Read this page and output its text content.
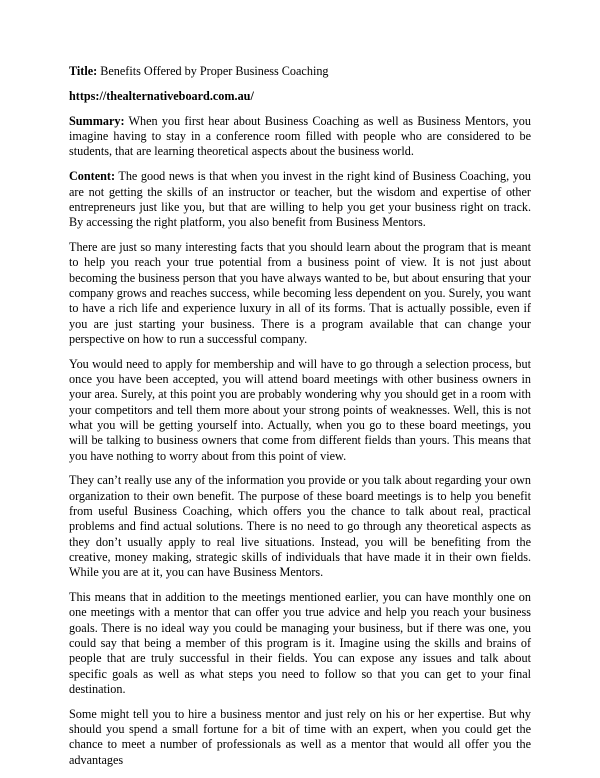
Title: Benefits Offered by Proper Business Coaching

https://thealternativeboard.com.au/

Summary: When you first hear about Business Coaching as well as Business Mentors, you imagine having to stay in a conference room filled with people who are considered to be students, that are learning theoretical aspects about the business world.

Content: The good news is that when you invest in the right kind of Business Coaching, you are not getting the skills of an instructor or teacher, but the wisdom and expertise of other entrepreneurs just like you, but that are willing to help you get your business right on track. By accessing the right platform, you also benefit from Business Mentors.

There are just so many interesting facts that you should learn about the program that is meant to help you reach your true potential from a business point of view. It is not just about becoming the business person that you have always wanted to be, but about ensuring that your company grows and reaches success, while becoming less dependent on you. Surely, you want to have a rich life and experience luxury in all of its forms. That is actually possible, even if you are just starting your business. There is a program available that can change your perspective on how to run a successful company.

You would need to apply for membership and will have to go through a selection process, but once you have been accepted, you will attend board meetings with other business owners in your area. Surely, at this point you are probably wondering why you should get in a room with your competitors and tell them more about your strong points of weaknesses. Well, this is not what you will be getting yourself into. Actually, when you go to these board meetings, you will be talking to business owners that come from different fields than yours. This means that you have nothing to worry about from this point of view.

They can’t really use any of the information you provide or you talk about regarding your own organization to their own benefit. The purpose of these board meetings is to help you benefit from useful Business Coaching, which offers you the chance to talk about real, practical problems and find actual solutions. There is no need to go through any theoretical aspects as they don’t usually apply to real live situations. Instead, you will be benefiting from the creative, money making, strategic skills of individuals that have made it in their own fields. While you are at it, you can have Business Mentors.

This means that in addition to the meetings mentioned earlier, you can have monthly one on one meetings with a mentor that can offer you true advice and help you reach your business goals. There is no ideal way you could be managing your business, but if there was one, you could say that being a member of this program is it. Imagine using the skills and brains of people that are truly successful in their fields. You can expose any issues and talk about specific goals as well as what steps you need to follow so that you can get to your final destination.

Some might tell you to hire a business mentor and just rely on his or her expertise. But why should you spend a small fortune for a bit of time with an expert, when you could get the chance to meet a number of professionals as well as a mentor that would all offer you the advantages
